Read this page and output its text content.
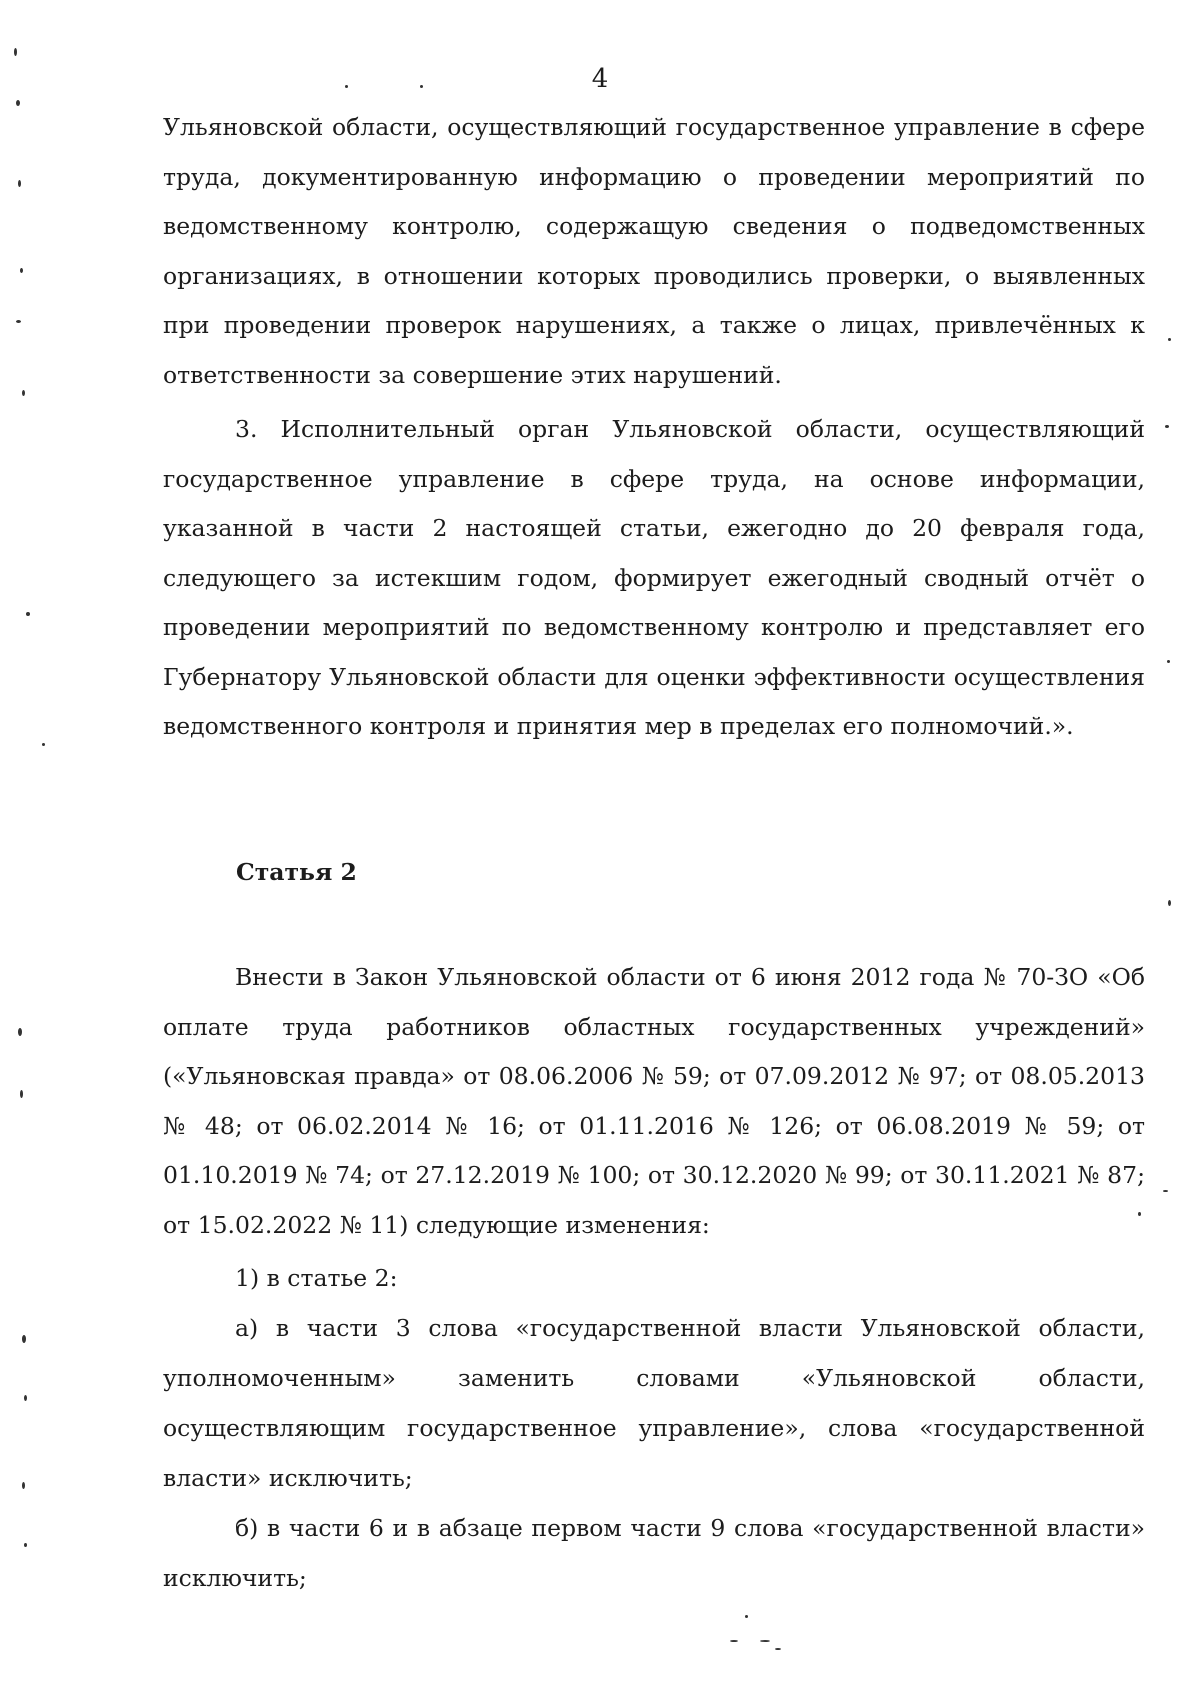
4

Ульяновской области, осуществляющий государственное управление в сфере труда, документированную информацию о проведении мероприятий по ведомственному контролю, содержащую сведения о подведомственных организациях, в отношении которых проводились проверки, о выявленных при проведении проверок нарушениях, а также о лицах, привлечённых к ответственности за совершение этих нарушений.

3. Исполнительный орган Ульяновской области, осуществляющий государственное управление в сфере труда, на основе информации, указанной в части 2 настоящей статьи, ежегодно до 20 февраля года, следующего за истекшим годом, формирует ежегодный сводный отчёт о проведении мероприятий по ведомственному контролю и представляет его Губернатору Ульяновской области для оценки эффективности осуществления ведомственного контроля и принятия мер в пределах его полномочий.».

Статья 2

Внести в Закон Ульяновской области от 6 июня 2012 года № 70-ЗО «Об оплате труда работников областных государственных учреждений» («Ульяновская правда» от 08.06.2006 № 59; от 07.09.2012 № 97; от 08.05.2013 № 48; от 06.02.2014 № 16; от 01.11.2016 № 126; от 06.08.2019 № 59; от 01.10.2019 № 74; от 27.12.2019 № 100; от 30.12.2020 № 99; от 30.11.2021 № 87; от 15.02.2022 № 11) следующие изменения:

1) в статье 2:

а) в части 3 слова «государственной власти Ульяновской области, уполномоченным» заменить словами «Ульяновской области, осуществляющим государственное управление», слова «государственной власти» исключить;

б) в части 6 и в абзаце первом части 9 слова «государственной власти» исключить;
